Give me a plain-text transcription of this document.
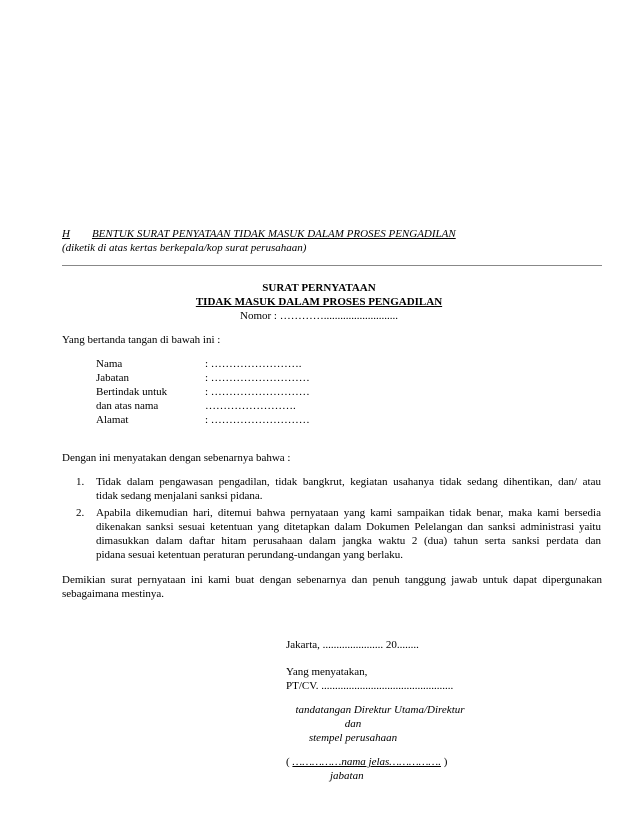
H BENTUK SURAT PENYATAAN TIDAK MASUK DALAM PROSES PENGADILAN
(diketik di atas kertas berkepala/kop surat perusahaan)
SURAT PERNYATAAN
TIDAK MASUK DALAM PROSES PENGADILAN
Nomor : …………...........................
Yang bertanda tangan di bawah ini :
Nama	: …………………….
Jabatan	: ………………………
Bertindak untuk	: ………………………
dan atas nama	…………………….
Alamat	: ………………………
Dengan ini menyatakan dengan sebenarnya bahwa :
1. Tidak dalam pengawasan pengadilan, tidak bangkrut, kegiatan usahanya tidak sedang dihentikan, dan/ atau
tidak sedang menjalani sanksi pidana.
2. Apabila dikemudian hari, ditemui bahwa pernyataan yang kami sampaikan tidak benar, maka kami bersedia
dikenakan sanksi sesuai ketentuan yang ditetapkan dalam Dokumen Pelelangan dan sanksi administrasi yaitu
dimasukkan dalam daftar hitam perusahaan dalam jangka waktu 2 (dua) tahun serta sanksi perdata dan
pidana sesuai ketentuan peraturan perundang-undangan yang berlaku.
Demikian surat pernyataan ini kami buat dengan sebenarnya dan penuh tanggung jawab untuk dapat dipergunakan
sebagaimana mestinya.
Jakarta, ...................... 20........
Yang menyatakan,
PT/CV. ................................................
tandatangan Direktur Utama/Direktur
dan
stempel perusahaan
( ……………nama jelas……………. )
jabatan
